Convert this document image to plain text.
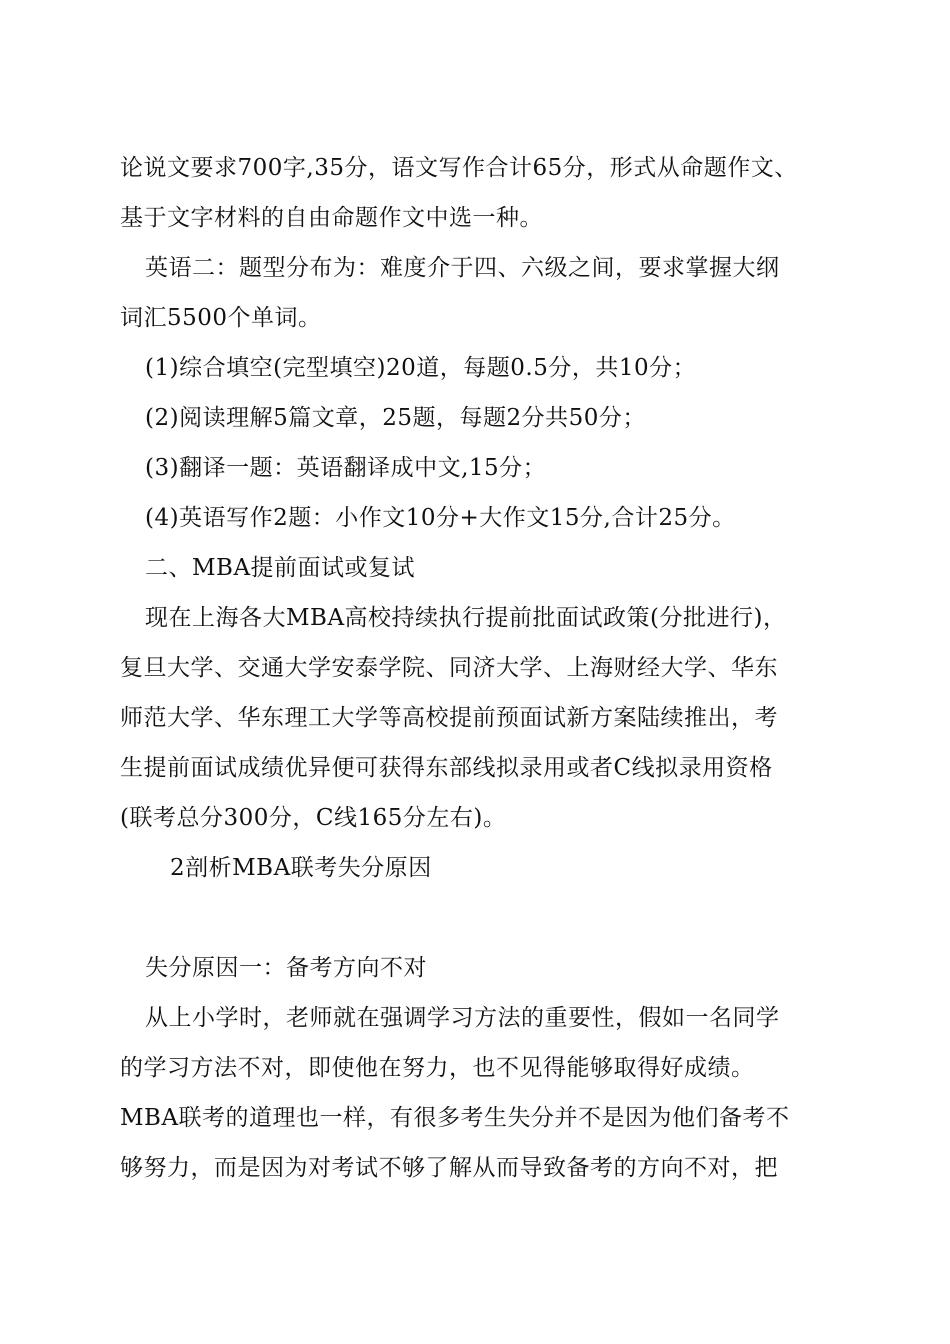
论说文要求700字,35分，语文写作合计65分，形式从命题作文、
基于文字材料的自由命题作文中选一种。
英语二：题型分布为：难度介于四、六级之间，要求掌握大纲
词汇5500个单词。
(1)综合填空(完型填空)20道，每题0.5分，共10分；
(2)阅读理解5篇文章，25题，每题2分共50分；
(3)翻译一题：英语翻译成中文,15分；
(4)英语写作2题：小作文10分+大作文15分,合计25分。
二、MBA提前面试或复试
现在上海各大MBA高校持续执行提前批面试政策(分批进行)，
复旦大学、交通大学安泰学院、同济大学、上海财经大学、华东
师范大学、华东理工大学等高校提前预面试新方案陆续推出，考
生提前面试成绩优异便可获得东部线拟录用或者C线拟录用资格
(联考总分300分，C线165分左右)。
2剖析MBA联考失分原因
失分原因一：备考方向不对
从上小学时，老师就在强调学习方法的重要性，假如一名同学
的学习方法不对，即使他在努力，也不见得能够取得好成绩。
MBA联考的道理也一样，有很多考生失分并不是因为他们备考不
够努力，而是因为对考试不够了解从而导致备考的方向不对，把
